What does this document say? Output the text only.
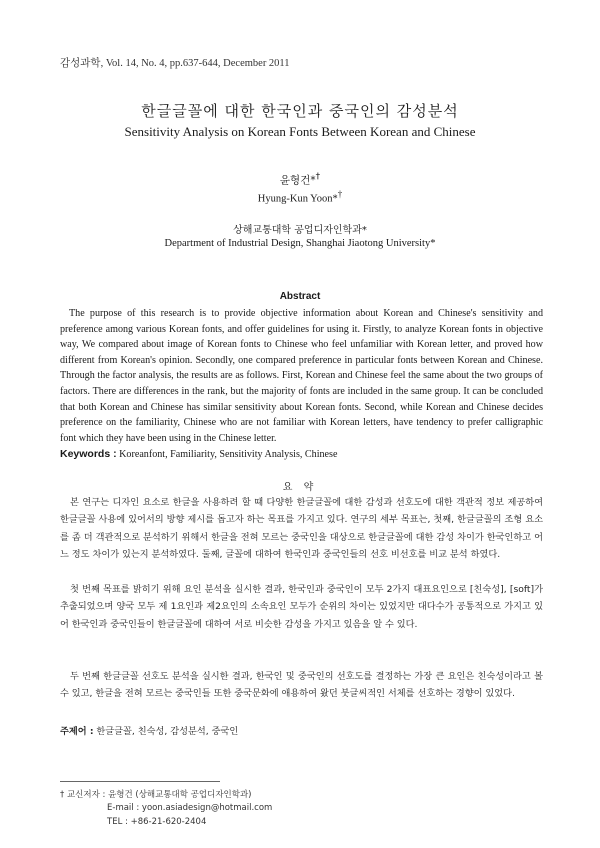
감성과학, Vol. 14, No. 4, pp.637-644, December 2011
한글글꼴에 대한 한국인과 중국인의 감성분석
Sensitivity Analysis on Korean Fonts Between Korean and Chinese
윤형건*†
Hyung-Kun Yoon*†
상해교통대학 공업디자인학과*
Department of Industrial Design, Shanghai Jiaotong University*
Abstract

The purpose of this research is to provide objective information about Korean and Chinese's sensitivity and preference among various Korean fonts, and offer guidelines for using it. Firstly, to analyze Korean fonts in objective way, We compared about image of Korean fonts to Chinese who feel unfamiliar with Korean letter, and proved how different from Korean's opinion. Secondly, one compared preference in particular fonts between Korean and Chinese. Through the factor analysis, the results are as follows. First, Korean and Chinese feel the same about the two groups of factors. There are differences in the rank, but the majority of fonts are included in the same group. It can be concluded that both Korean and Chinese has similar sensitivity about Korean fonts. Second, while Korean and Chinese decides preference on the familiarity, Chinese who are not familiar with Korean letters, have tendency to prefer calligraphic font which they have been using in the Chinese letter.

Keywords : Koreanfont, Familiarity, Sensitivity Analysis, Chinese

요 약

본 연구는 디자인 요소로 한글을 사용하려 할 때 다양한 한글글꼴에 대한 감성과 선호도에 대한 객관적 정보 제공하여 한글글꼴 사용에 있어서의 방향 제시를 돕고자 하는 목표를 가지고 있다. 연구의 세부 목표는, 첫째, 한글글꼴의 조형 요소를 좀 더 객관적으로 분석하기 위해서 한글을 전혀 모르는 중국인을 대상으로 한글글꼴에 대한 감성 차이가 한국인하고 어느 정도 차이가 있는지 분석하였다. 둘째, 글꼴에 대하여 한국인과 중국인들의 선호 비선호를 비교 분석 하였다.

첫 번째 목표를 밝히기 위해 요인 분석을 실시한 결과, 한국인과 중국인이 모두 2가지 대표요인으로 [친숙성], [soft]가 추출되었으며 양국 모두 제 1요인과 제2요인의 소속요인 모두가 순위의 차이는 있었지만 대다수가 공통적으로 가지고 있어 한국인과 중국인들이 한글글꼴에 대하여 서로 비슷한 감성을 가지고 있음을 알 수 있다.

두 번째 한글글꼴 선호도 분석을 실시한 결과, 한국인 및 중국인의 선호도를 결정하는 가장 큰 요인은 친숙성이라고 볼 수 있고, 한글을 전혀 모르는 중국인들 또한 중국문화에 애용하여 왔던 붓글씨적인 서체를 선호하는 경향이 있었다.

주제어 : 한글글꼴, 친숙성, 감성분석, 중국인

† 교신저자 : 윤형건 (상해교통대학 공업디자인학과)
E-mail : yoon.asiadesign@hotmail.com
TEL : +86-21-620-2404
